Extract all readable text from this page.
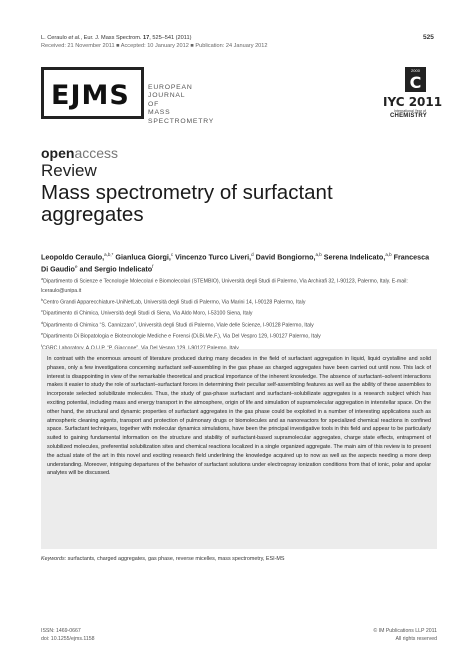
L. Ceraulo et al., Eur. J. Mass Spectrom. 17, 525–541 (2011)
Received: 21 November 2011 ■ Accepted: 10 January 2012 ■ Publication: 24 January 2012
525
EJMS	EUROPEAN
JOURNAL
OF
MASS
SPECTROMETRY
2000
C
IYC 2011
International Year of
CHEMISTRY
openaccess
Review
Mass spectrometry of surfactant aggregates
Leopoldo Ceraulo,$^{a,b,*}$ Gianluca Giorgi,$^c$ Vincenzo Turco Liveri,$^d$ David Bongiorno,$^{a,b}$ Serena Indelicato,$^{a,b}$ Francesca Di Gaudio$^e$ and Sergio Indelicato$^f$
$^a$Dipartimento di Scienze e Tecnologie Molecolari e Biomolecolari (STEMBIO), Università degli Studi di Palermo, Via Archirafi 32, I-90123, Palermo, Italy. E-mail: lceraulo@unipa.it
$^b$Centro Grandi Apparecchiature-UniNetLab, Università degli Studi di Palermo, Via Marini 14, I-90128 Palermo, Italy
$^c$Dipartimento di Chimica, Università degli Studi di Siena, Via Aldo Moro, I-53100 Siena, Italy
$^d$Dipartimento di Chimica “S. Cannizzaro”, Università degli Studi di Palermo, Viale delle Scienze, I-90128 Palermo, Italy
$^e$Dipartimento Di Biopatologia e Biotecnologie Mediche e Forensi (Di.Bi.Me.F.), Via Del Vespro 129, I-90127 Palermo, Italy
$^f$

In contrast with the enormous amount of literature produced during many decades in the field of surfactant aggregation in liquid, liquid crystalline and solid phases, only a few investigations concerning surfactant self-assembling in the gas phase as charged aggregates have been carried out until now. This lack of interest is disappointing in view of the remarkable theoretical and practical importance of the inherent knowledge. The absence of surfactant–solvent interactions makes it easier to study the role of surfactant–surfactant forces in determining their peculiar self-assembling features as well as the ability of these assemblies to incorporate selected solubilizate molecules. Thus, the study of gas-phase surfactant and surfactant–solubilizate aggregates is a research subject which has exciting potential, including mass and energy transport in the atmosphere, origin of life and simulation of supramolecular aggregation in interstellar space. On the other hand, the structural and dynamic properties of surfactant aggregates in the gas phase could be exploited in a number of interesting applications such as atmospheric cleaning agents, transport and protection of pulmonary drugs or biomolecules and as nanoreactors for specialized chemical reactions in confined space. Surfactant techniques, together with molecular dynamics simulations, have been the principal investigative tools in this field and appear to be particularly suited to gaining fundamental information on the structure and stability of surfactant-based supramolecular aggregates, charge state effects, entrapment of solubilized molecules, preferential solubilization sites and chemical reactions localized in a single organized aggregate. The main aim of this review is to present the actual state of the art in this novel and exciting research field underlining the knowledge acquired up to now as well as the aspects needing a more deep understanding. Moreover, intriguing departures of the behavior of surfactant solutions under electrospray ionization conditions from that of ionic, polar and apolar analytes will be discussed.

Keywords: surfactants, charged aggregates, gas phase, reverse micelles, mass spectrometry, ESI-MS
ISSN: 1469-0667
doi: 10.1255/ejms.1158
© IM Publications LLP 2011
All rights reserved
